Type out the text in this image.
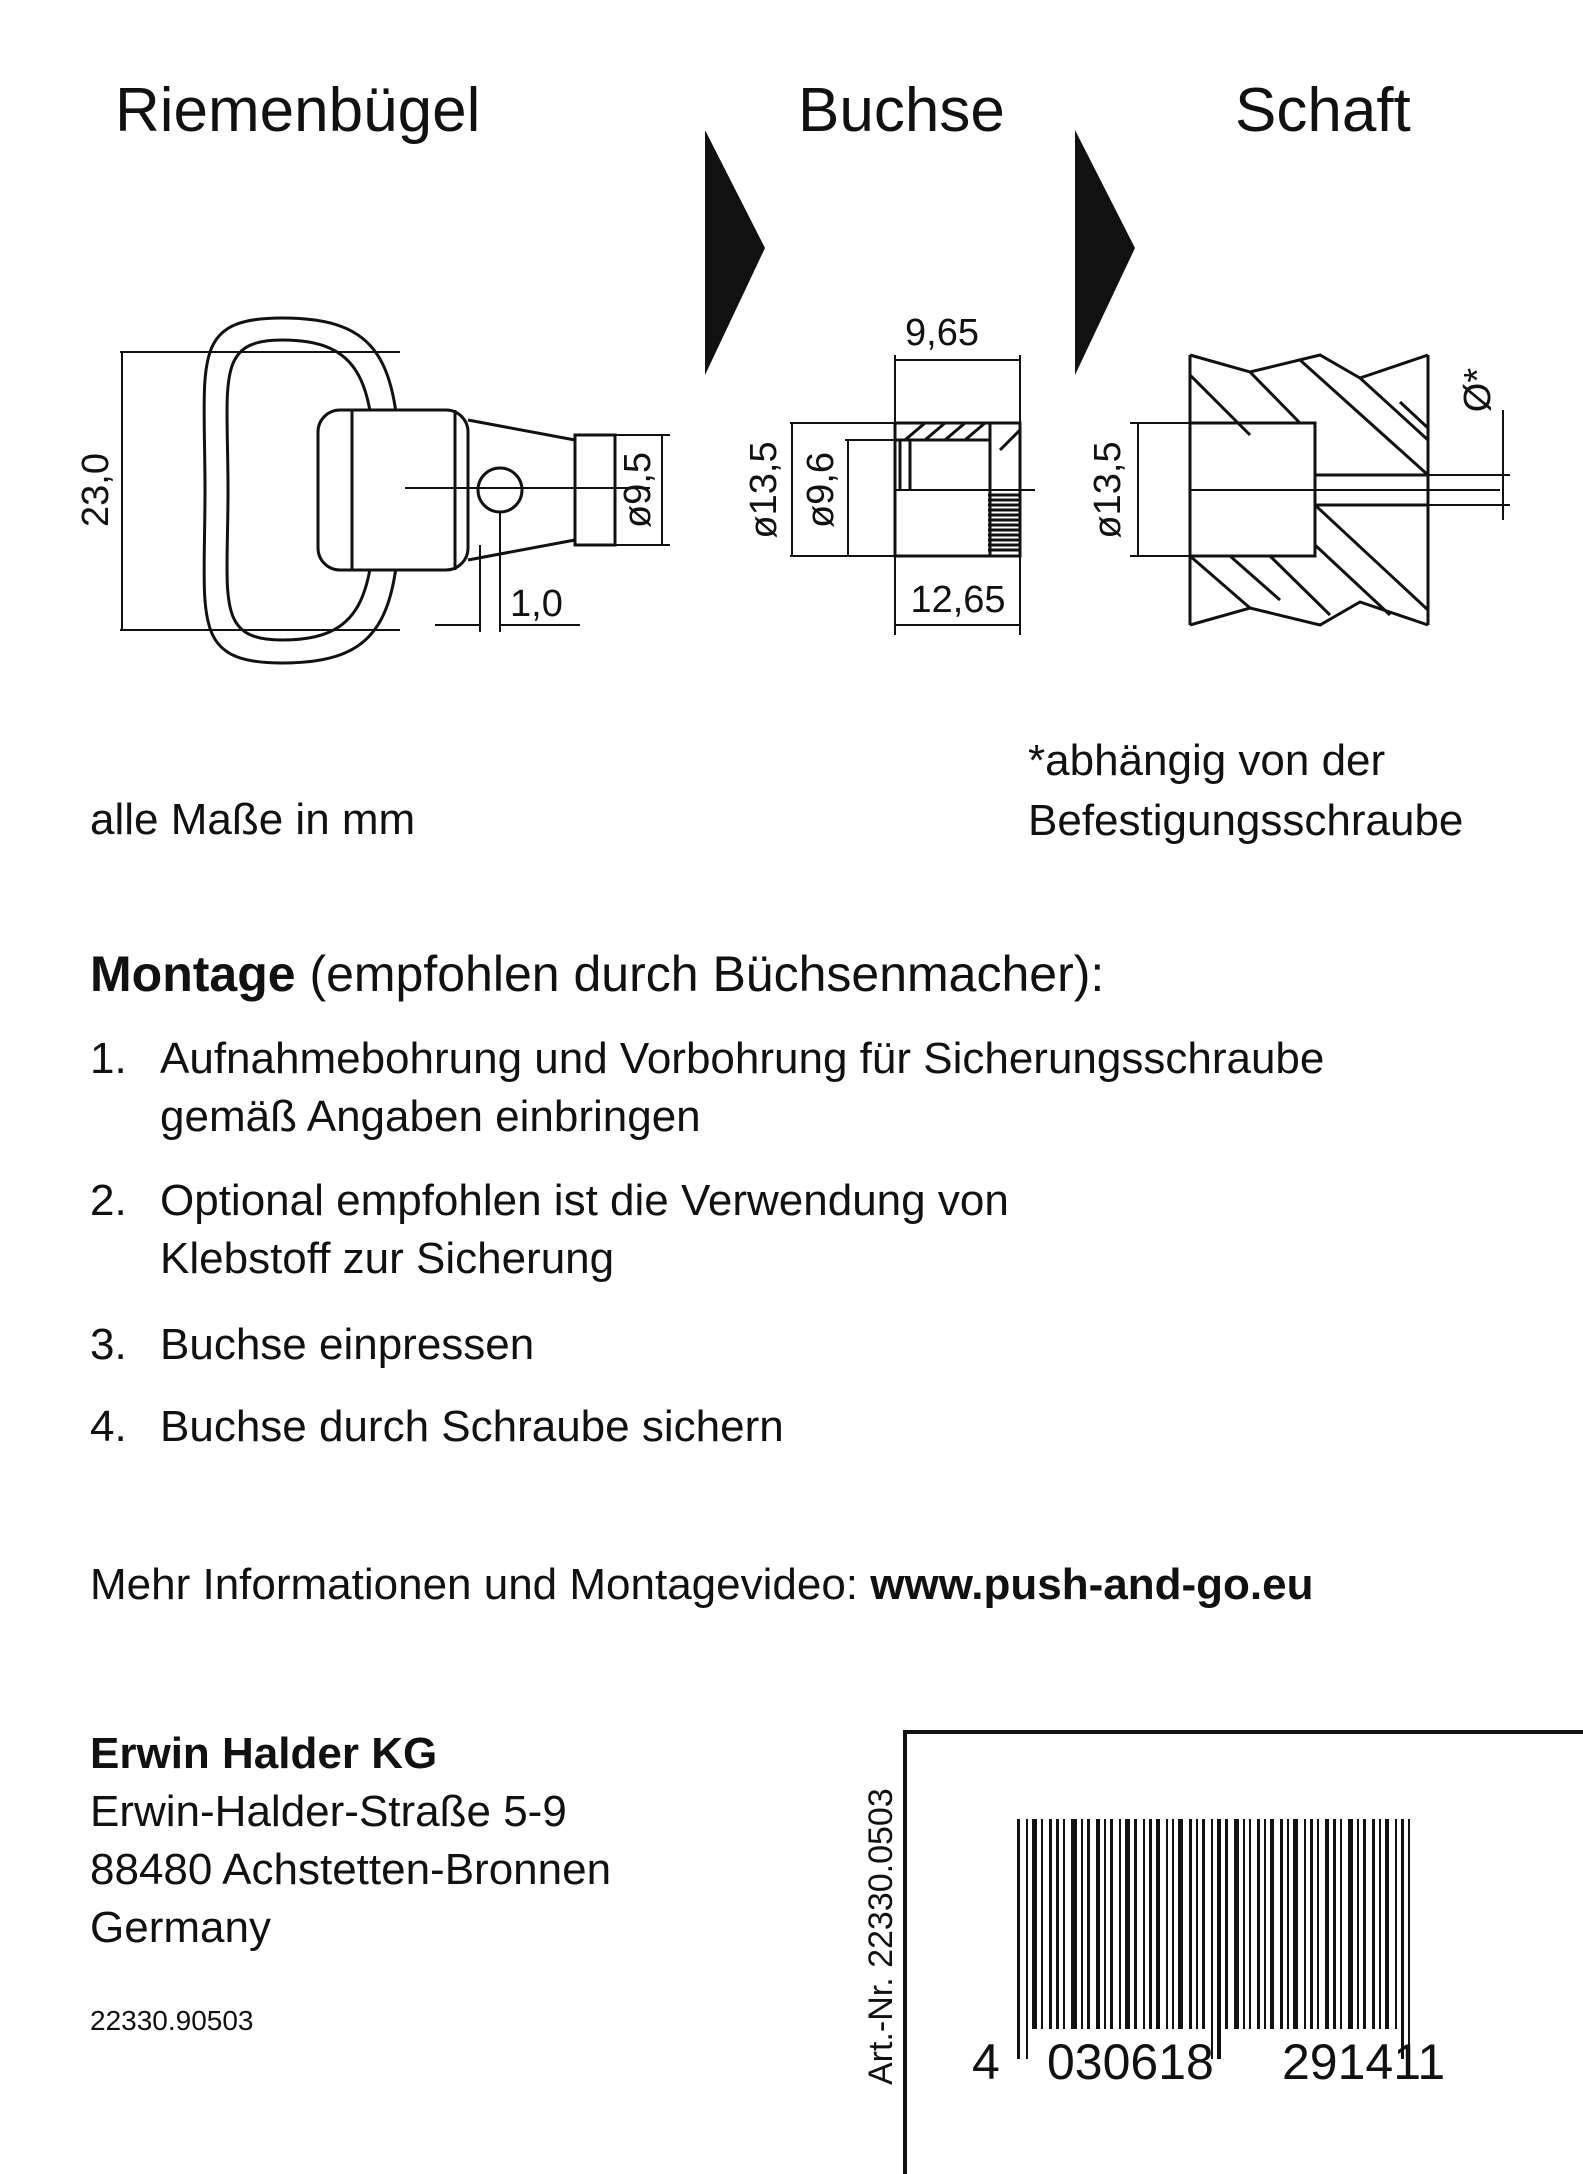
Riemenbügel	Buchse	Schaft
23,0	ø9,5
1,0
9,65
ø13,5 ø9,6
12,65
ø13,5
Ø*
alle Maße in mm
*abhängig von der
Befestigungsschraube
Montage (empfohlen durch Büchsenmacher):
1. Aufnahmebohrung und Vorbohrung für Sicherungsschraube
gemäß Angaben einbringen
2. Optional empfohlen ist die Verwendung von
Klebstoff zur Sicherung
3. Buchse einpressen
4. Buchse durch Schraube sichern
Mehr Informationen und Montagevideo: www.push-and-go.eu
Erwin Halder KG
Erwin-Halder-Straße 5-9
88480 Achstetten-Bronnen
Germany
22330.90503	Art.-Nr. 22330.0503 4 030618 291411
